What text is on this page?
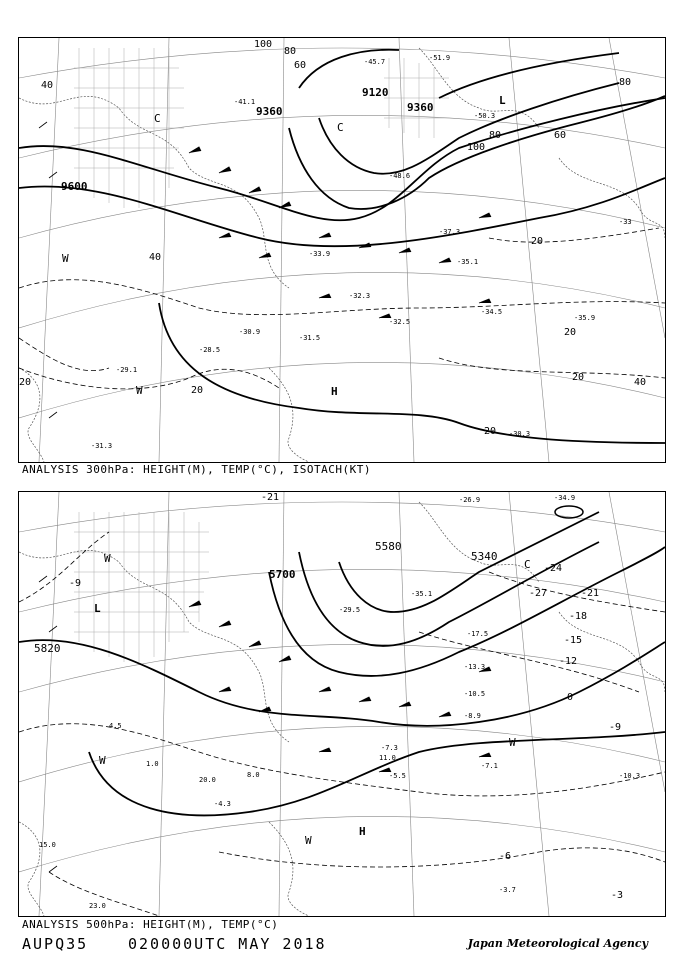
9600
9360
9120
9360
100
80
60
40
20
20
20
40
20
20
80
100
80
60
40
20
H
L
C
C
W
W
-41.1
-45.7	-51.9
-48.6
-50.3
-33.9
-31.5
-32.5
-34.5
-35.9
-30.3
-29.1
-28.5
-31.3
-30.9
-35.1
-37.3
-32.3
-33
ANALYSIS 300hPa: HEIGHT(M), TEMP(°C), ISOTACH(KT)
5700
5820
5340
5580
-9
-12
-15
-18
-21
-24
-27
-6
-3
0
-9
-21
H
L
W
W
W
C
W
-17.5
-13.3
-10.5
-8.9
-7.1
-7.3
-5.5
-4.3
-3.7
-10.3
-35.1
-34.9
-26.9
-29.5
4.5
1.0
8.0
11.0
15.0
20.0
23.0
ANALYSIS 500hPa: HEIGHT(M), TEMP(°C)
AUPQ35	020000UTC MAY 2018	Japan Meteorological Agency
